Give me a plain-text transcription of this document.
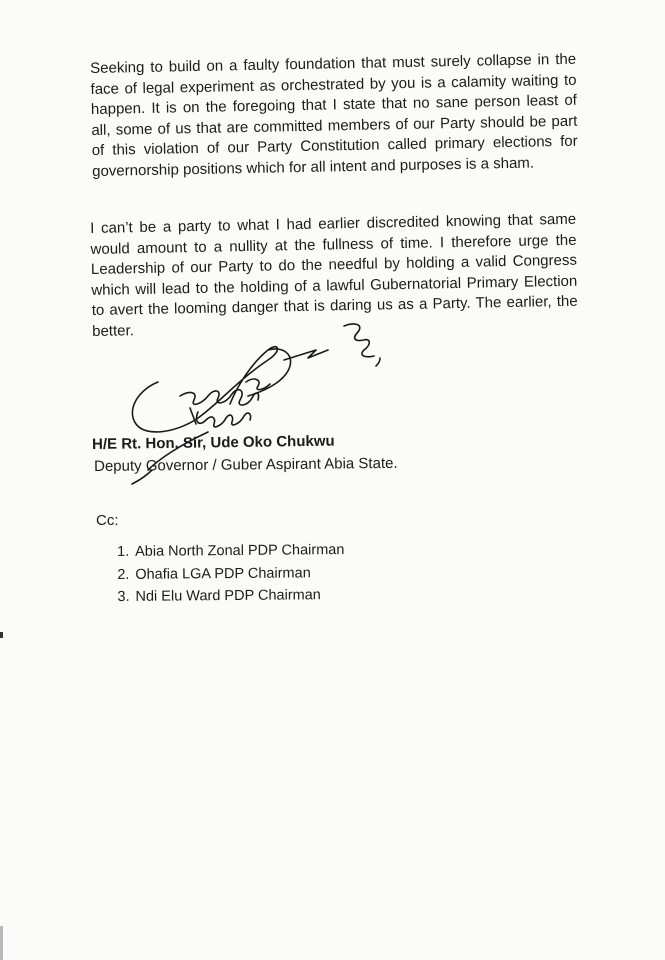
Seeking to build on a faulty foundation that must surely collapse in the
face of legal experiment as orchestrated by you is a calamity waiting to
happen. It is on the foregoing that I state that no sane person least of
all, some of us that are committed members of our Party should be part
of this violation of our Party Constitution called primary elections for
governorship positions which for all intent and purposes is a sham.
I can’t be a party to what I had earlier discredited knowing that same
would amount to a nullity at the fullness of time. I therefore urge the
Leadership of our Party to do the needful by holding a valid Congress
which will lead to the holding of a lawful Gubernatorial Primary Election
to avert the looming danger that is daring us as a Party. The earlier, the
better.
H/E Rt. Hon. Sir, Ude Oko Chukwu
Deputy Governor / Guber Aspirant Abia State.
Cc:
1. Abia North Zonal PDP Chairman
2. Ohafia LGA PDP Chairman
3. Ndi Elu Ward PDP Chairman
